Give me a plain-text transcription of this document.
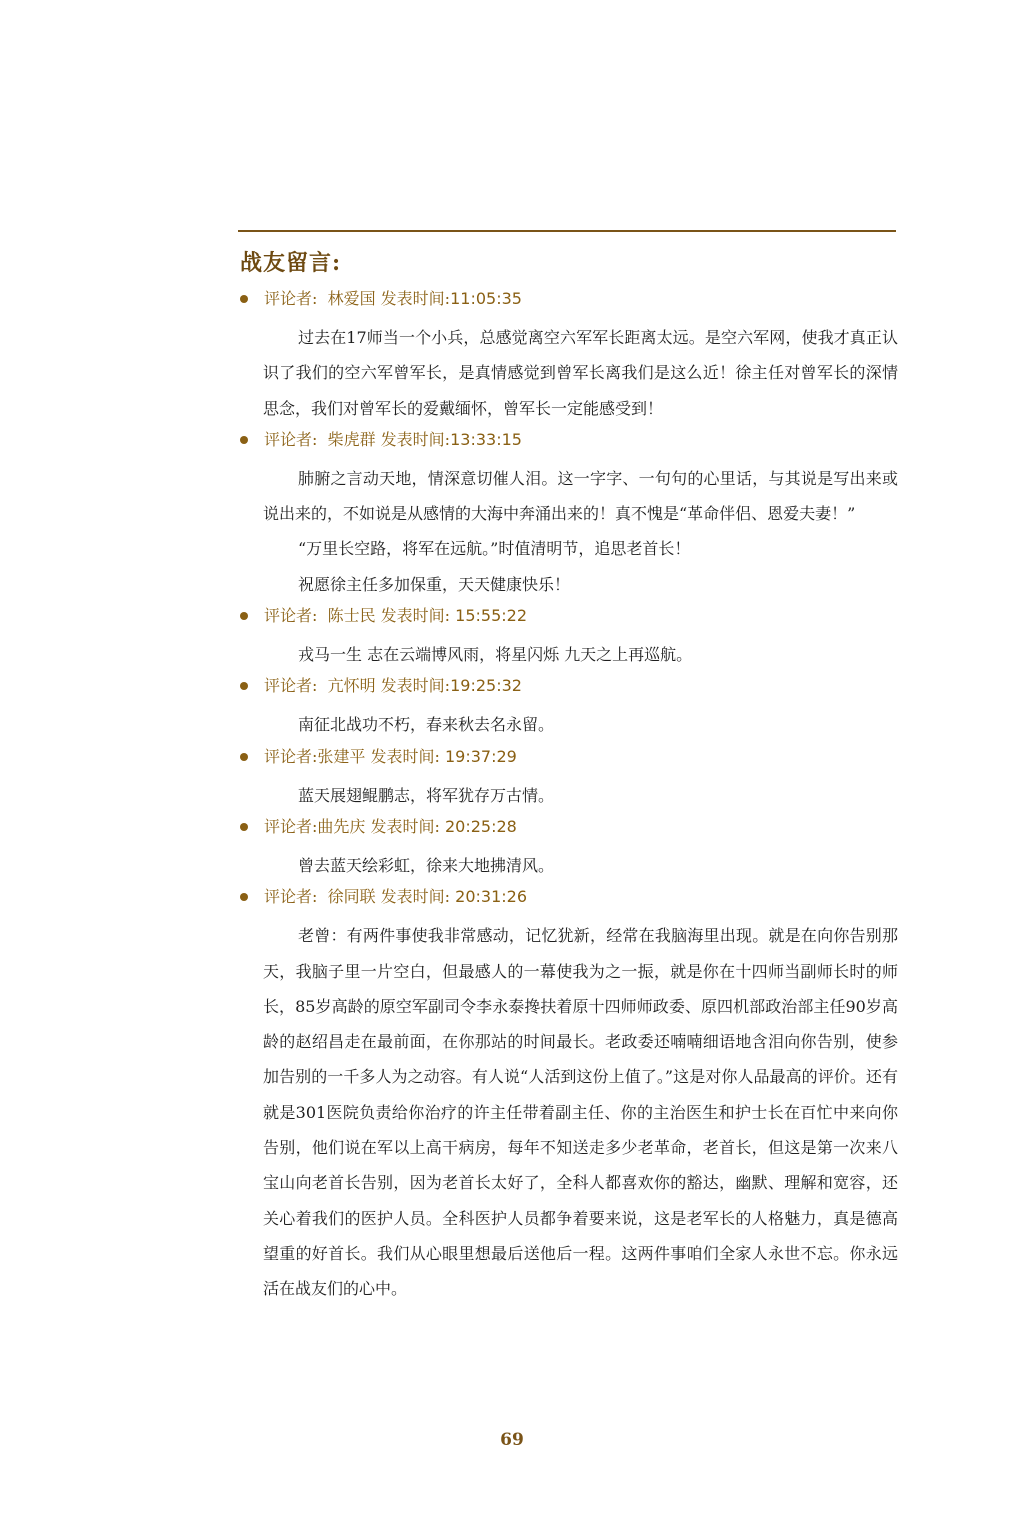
战友留言:
评论者:  林爱国 发表时间:11:05:35

过去在17师当一个小兵，总感觉离空六军军长距离太远。是空六军网，使我才真正认识了我们的空六军曾军长，是真情感觉到曾军长离我们是这么近！徐主任对曾军长的深情思念，我们对曾军长的爱戴缅怀，曾军长一定能感受到！

评论者:  柴虎群 发表时间:13:33:15

肺腑之言动天地，情深意切催人泪。这一字字、一句句的心里话，与其说是写出来或说出来的，不如说是从感情的大海中奔涌出来的！真不愧是“革命伴侣、恩爱夫妻！”

“万里长空路，将军在远航。”时值清明节，追思老首长！

祝愿徐主任多加保重，天天健康快乐！

评论者:  陈士民 发表时间: 15:55:22

戎马一生 志在云端博风雨，将星闪烁 九天之上再巡航。

评论者:  亢怀明 发表时间:19:25:32

南征北战功不朽，春来秋去名永留。

评论者:张建平 发表时间: 19:37:29

蓝天展翅鲲鹏志，将军犹存万古情。

评论者:曲先庆 发表时间: 20:25:28

曾去蓝天绘彩虹，徐来大地拂清风。

评论者:  徐同联 发表时间: 20:31:26

老曾：有两件事使我非常感动，记忆犹新，经常在我脑海里出现。就是在向你告别那天，我脑子里一片空白，但最感人的一幕使我为之一振，就是你在十四师当副师长时的师长，85岁高龄的原空军副司令李永泰搀扶着原十四师师政委、原四机部政治部主任90岁高龄的赵绍昌走在最前面，在你那站的时间最长。老政委还喃喃细语地含泪向你告别，使参加告别的一千多人为之动容。有人说“人活到这份上值了。”这是对你人品最高的评价。还有就是301医院负责给你治疗的许主任带着副主任、你的主治医生和护士长在百忙中来向你告别，他们说在军以上高干病房，每年不知送走多少老革命，老首长，但这是第一次来八宝山向老首长告别，因为老首长太好了，全科人都喜欢你的豁达，幽默、理解和宽容，还关心着我们的医护人员。全科医护人员都争着要来说，这是老军长的人格魅力，真是德高望重的好首长。我们从心眼里想最后送他后一程。这两件事咱们全家人永世不忘。你永远活在战友们的心中。

69
